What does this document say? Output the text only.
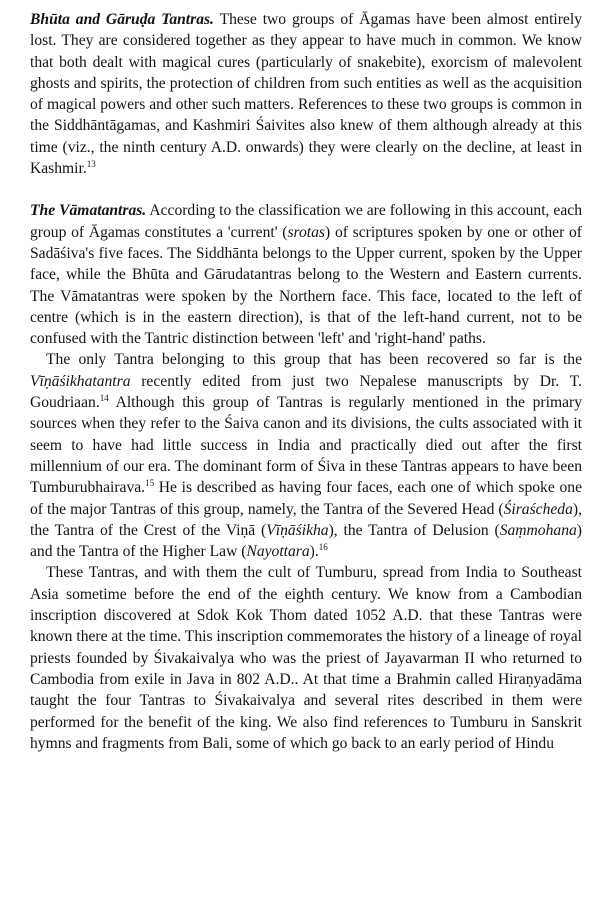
Bhūta and Gāruḍa Tantras. These two groups of Āgamas have been almost entirely lost. They are considered together as they appear to have much in common. We know that both dealt with magical cures (particularly of snakebite), exorcism of malevolent ghosts and spirits, the protection of children from such entities as well as the acquisition of magical powers and other such matters. References to these two groups is common in the Siddhāntāgamas, and Kashmiri Śaivites also knew of them although already at this time (viz., the ninth century A.D. onwards) they were clearly on the decline, at least in Kashmir.$^{13}$

The Vāmatantras. According to the classification we are following in this account, each group of Āgamas constitutes a 'current' (srotas) of scriptures spoken by one or other of Sadāśiva's five faces. The Siddhānta belongs to the Upper current, spoken by the Upper face, while the Bhūta and Gārudatantras belong to the Western and Eastern currents. The Vāmatantras were spoken by the Northern face. This face, located to the left of centre (which is in the eastern direction), is that of the left-hand current, not to be confused with the Tantric distinction between 'left' and 'right-hand' paths.

The only Tantra belonging to this group that has been recovered so far is the Vīṇāśikhatantra recently edited from just two Nepalese manuscripts by Dr. T. Goudriaan.$^{14}$ Although this group of Tantras is regularly mentioned in the primary sources when they refer to the Śaiva canon and its divisions, the cults associated with it seem to have had little success in India and practically died out after the first millennium of our era. The dominant form of Śiva in these Tantras appears to have been Tumburubhairava.$^{15}$ He is described as having four faces, each one of which spoke one of the major Tantras of this group, namely, the Tantra of the Severed Head (Śiraścheda), the Tantra of the Crest of the Viṇā (Vīṇāśikha), the Tantra of Delusion (Saṃmohana) and the Tantra of the Higher Law (Nayottara).$^{16}$

These Tantras, and with them the cult of Tumburu, spread from India to Southeast Asia sometime before the end of the eighth century. We know from a Cambodian inscription discovered at Sdok Kok Thom dated 1052 A.D. that these Tantras were known there at the time. This inscription commemorates the history of a lineage of royal priests founded by Śivakaivalya who was the priest of Jayavarman II who returned to Cambodia from exile in Java in 802 A.D.. At that time a Brahmin called Hiraṇyadāma taught the four Tantras to Śivakaivalya and several rites described in them were performed for the benefit of the king. We also find references to Tumburu in Sanskrit hymns and fragments from Bali, some of which go back to an early period of Hindu
